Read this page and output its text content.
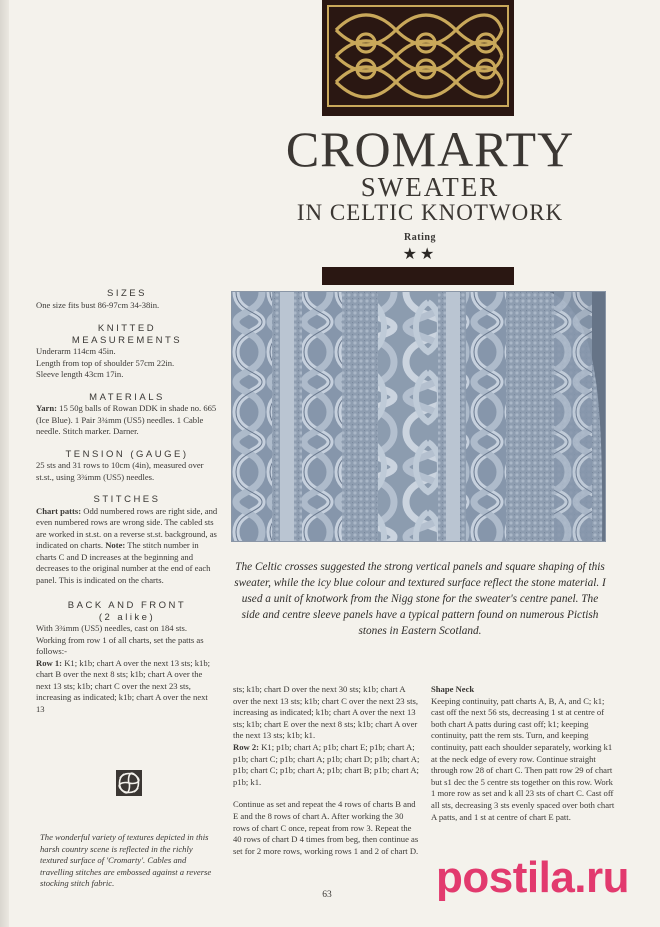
CROMARTY
SWEATER
IN CELTIC KNOTWORK
Rating
★★
The Celtic crosses suggested the strong vertical panels and square shaping of this sweater, while the icy blue colour and textured surface reflect the stone material. I used a unit of knotwork from the Nigg stone for the sweater's centre panel. The side and centre sleeve panels have a typical pattern found on numerous Pictish stones in Eastern Scotland.

SIZES

One size fits bust 86-97cm 34-38in.

KNITTED

MEASUREMENTS

Underarm 114cm 45in.

Length from top of shoulder 57cm 22in.

Sleeve length 43cm 17in.

MATERIALS

Yarn: 15 50g balls of Rowan DDK in shade no. 665 (Ice Blue). 1 Pair 3¾mm (US5) needles. 1 Cable needle. Stitch marker. Darner.

TENSION (GAUGE)

25 sts and 31 rows to 10cm (4in), measured over st.st., using 3¾mm (US5) needles.

STITCHES

Chart patts: Odd numbered rows are right side, and even numbered rows are wrong side. The cabled sts are worked in st.st. on a reverse st.st. background, as indicated on charts. Note: The stitch number in charts C and D increases at the beginning and decreases to the original number at the end of each panel. This is indicated on the charts.

BACK AND FRONT

(2 alike)

With 3¾mm (US5) needles, cast on 184 sts. Working from row 1 of all charts, set the patts as follows:-

Row 1: K1; k1b; chart A over the next 13 sts; k1b; chart B over the next 8 sts; k1b; chart A over the next 13 sts; k1b; chart C over the next 23 sts, increasing as indicated; k1b; chart A over the next 13

sts; k1b; chart D over the next 30 sts; k1b; chart A over the next 13 sts; k1b; chart C over the next 23 sts, increasing as indicated; k1b; chart A over the next 13 sts; k1b; chart E over the next 8 sts; k1b; chart A over the next 13 sts; k1b; k1.

Row 2: K1; p1b; chart A; p1b; chart E; p1b; chart A; p1b; chart C; p1b; chart A; p1b; chart D; p1b; chart A; p1b; chart C; p1b; chart A; p1b; chart B; p1b; chart A; p1b; k1.

Continue as set and repeat the 4 rows of charts B and E and the 8 rows of chart A. After working the 30 rows of chart C once, repeat from row 3. Repeat the 40 rows of chart D 4 times from beg, then continue as set for 2 more rows, working rows 1 and 2 of chart D.

Shape Neck

Keeping continuity, patt charts A, B, A, and C; k1; cast off the next 56 sts, decreasing 1 st at centre of both chart A patts during cast off; k1; keeping continuity, patt the rem sts. Turn, and keeping continuity, patt each shoulder separately, working k1 at the neck edge of every row. Continue straight through row 28 of chart C. Then patt row 29 of chart but s1 dec the 5 centre sts together on this row. Work 1 more row as set and k all 23 sts of chart C. Cast off all sts, decreasing 3 sts evenly spaced over both chart A patts, and 1 st at centre of chart E patt.

The wonderful variety of textures depicted in this harsh country scene is reflected in the richly textured surface of 'Cromarty'. Cables and travelling stitches are embossed against a reverse stocking stitch fabric.
63 postila.ru
